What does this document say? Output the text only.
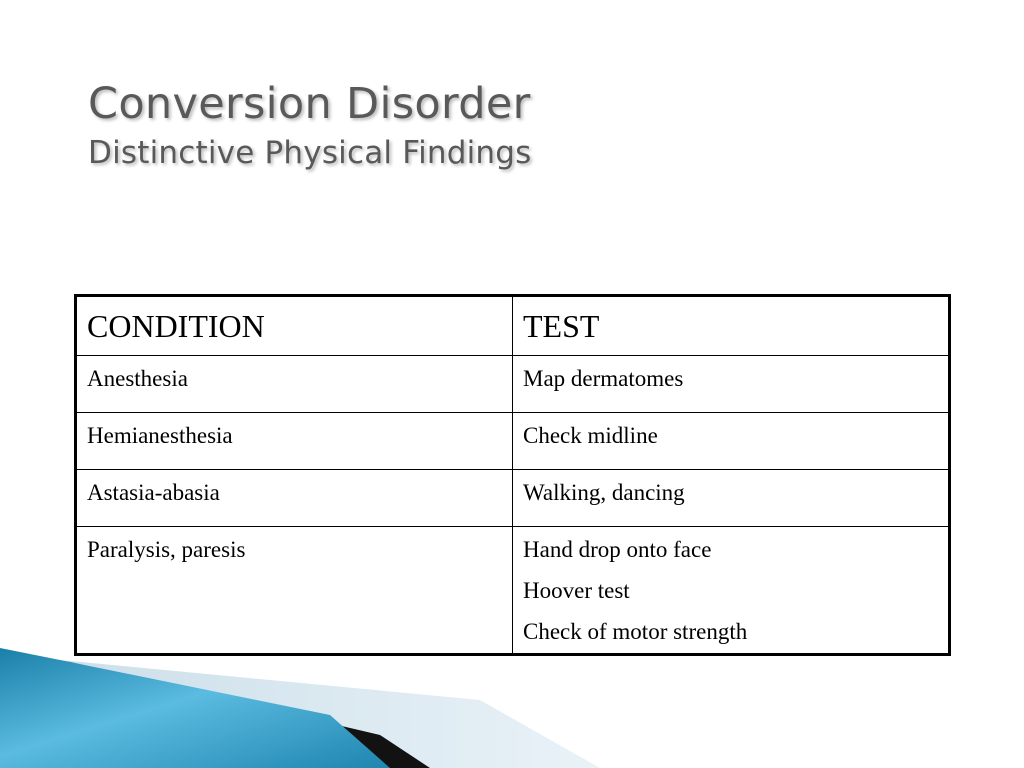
Conversion Disorder
Distinctive Physical Findings
CONDITION	TEST
Anesthesia	Map dermatomes
Hemianesthesia	Check midline
Astasia-abasia	Walking, dancing
Paralysis, paresis	Hand drop onto face
Hoover test
Check of motor strength
